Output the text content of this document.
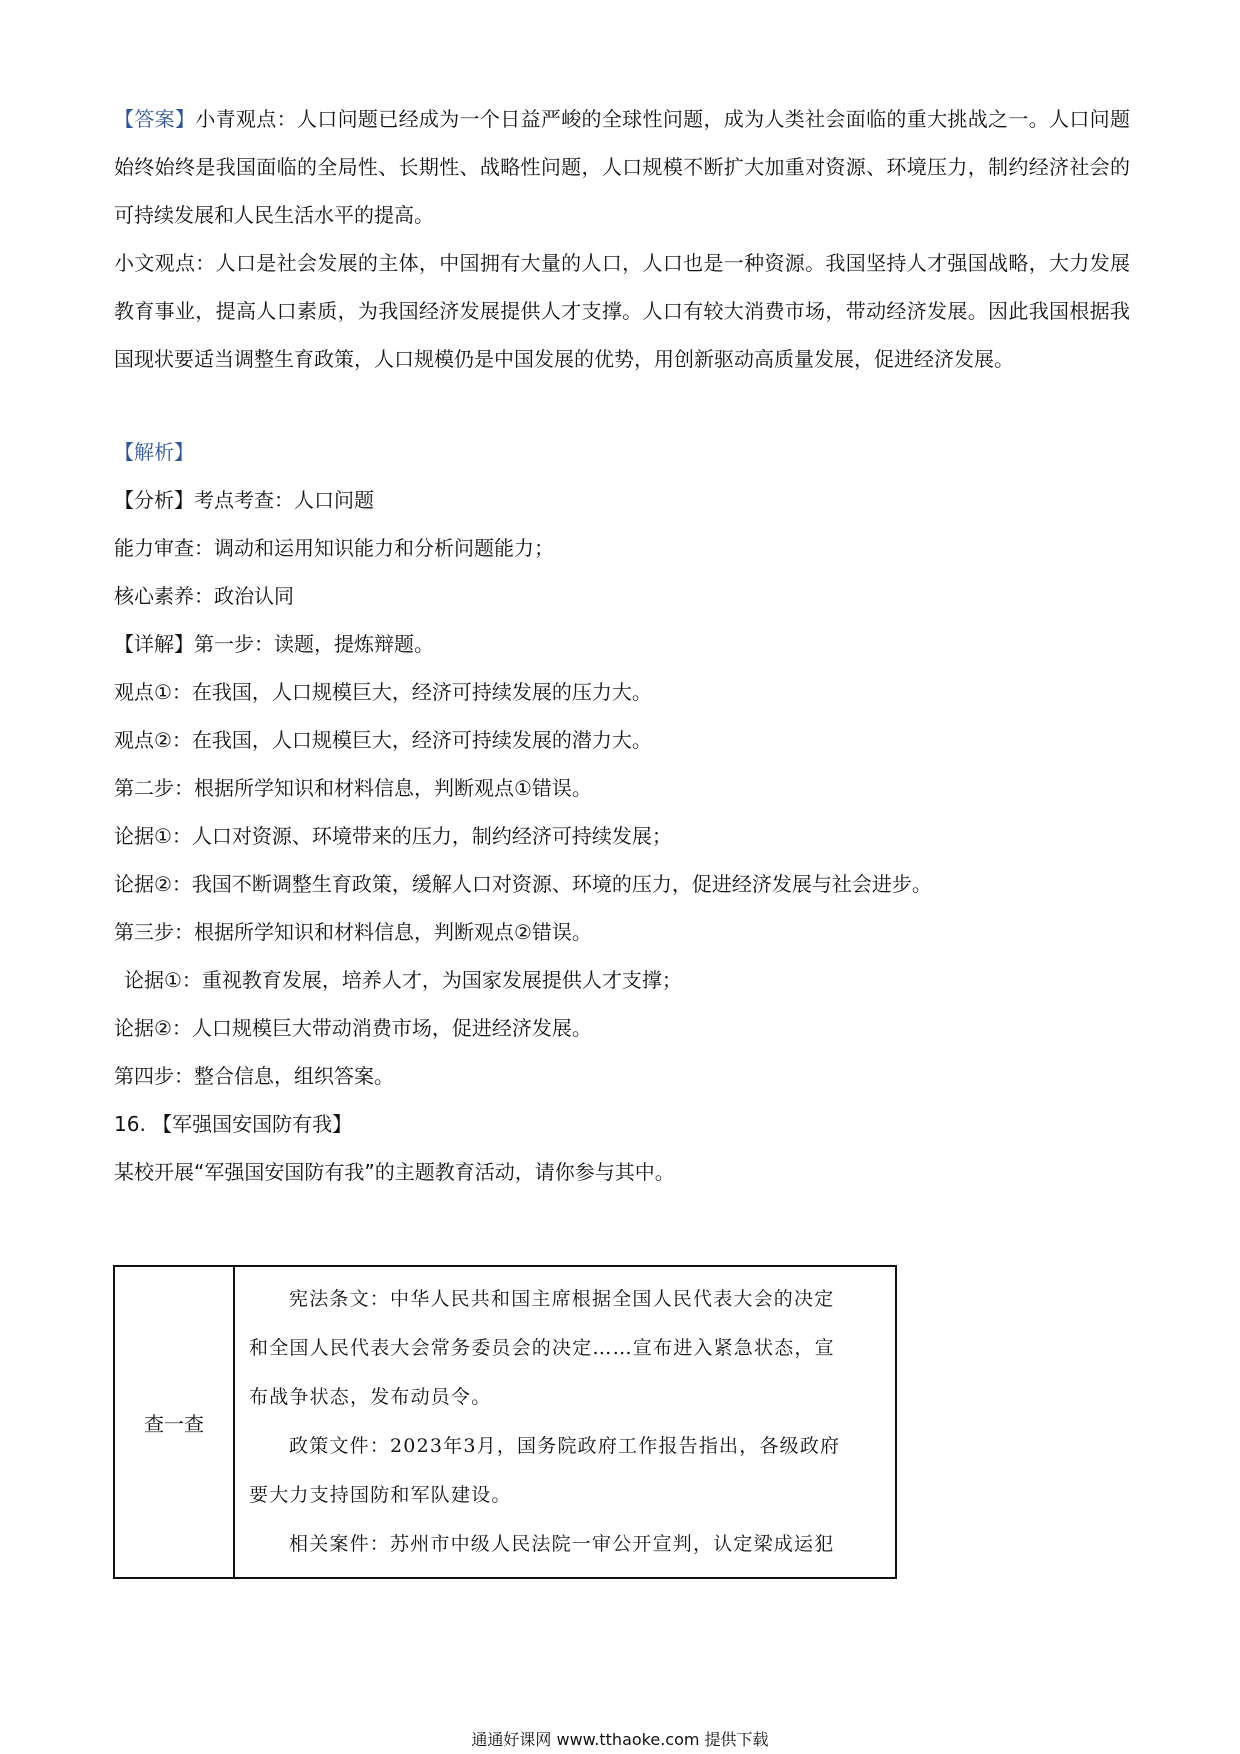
【答案】小青观点：人口问题已经成为一个日益严峻的全球性问题，成为人类社会面临的重大挑战之一。人口问题始终始终是我国面临的全局性、长期性、战略性问题，人口规模不断扩大加重对资源、环境压力，制约经济社会的可持续发展和人民生活水平的提高。

小文观点：人口是社会发展的主体，中国拥有大量的人口，人口也是一种资源。我国坚持人才强国战略，大力发展教育事业，提高人口素质，为我国经济发展提供人才支撑。人口有较大消费市场，带动经济发展。因此我国根据我国现状要适当调整生育政策，人口规模仍是中国发展的优势，用创新驱动高质量发展，促进经济发展。

【解析】

【分析】考点考查：人口问题

能力审查：调动和运用知识能力和分析问题能力；

核心素养：政治认同

【详解】第一步：读题，提炼辩题。

观点①：在我国，人口规模巨大，经济可持续发展的压力大。

观点②：在我国，人口规模巨大，经济可持续发展的潜力大。

第二步：根据所学知识和材料信息，判断观点①错误。

论据①：人口对资源、环境带来的压力，制约经济可持续发展；

论据②：我国不断调整生育政策，缓解人口对资源、环境的压力，促进经济发展与社会进步。

第三步：根据所学知识和材料信息，判断观点②错误。

论据①：重视教育发展，培养人才，为国家发展提供人才支撑；

论据②：人口规模巨大带动消费市场，促进经济发展。

第四步：整合信息，组织答案。

16. 【军强国安国防有我】

某校开展“军强国安国防有我”的主题教育活动，请你参与其中。

查一查	

宪法条文：中华人民共和国主席根据全国人民代表大会的决定

和全国人民代表大会常务委员会的决定……宣布进入紧急状态，宣

布战争状态，发布动员令。

政策文件：2023年3月，国务院政府工作报告指出，各级政府

要大力支持国防和军队建设。

相关案件：苏州市中级人民法院一审公开宣判，认定梁成运犯

通通好课网 www.tthaoke.com 提供下载
